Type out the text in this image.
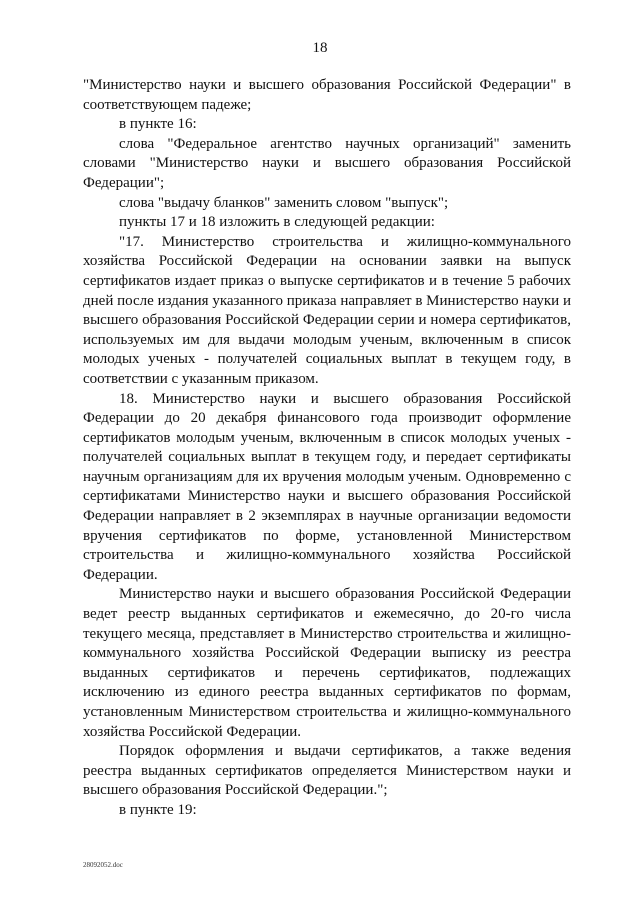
18

"Министерство науки и высшего образования Российской Федерации" в соответствующем падеже;

в пункте 16:

слова "Федеральное агентство научных организаций" заменить словами "Министерство науки и высшего образования Российской Федерации";

слова "выдачу бланков" заменить словом "выпуск";

пункты 17 и 18 изложить в следующей редакции:

"17. Министерство строительства и жилищно-коммунального хозяйства Российской Федерации на основании заявки на выпуск сертификатов издает приказ о выпуске сертификатов и в течение 5 рабочих дней после издания указанного приказа направляет в Министерство науки и высшего образования Российской Федерации серии и номера сертификатов, используемых им для выдачи молодым ученым, включенным в список молодых ученых - получателей социальных выплат в текущем году, в соответствии с указанным приказом.

18. Министерство науки и высшего образования Российской Федерации до 20 декабря финансового года производит оформление сертификатов молодым ученым, включенным в список молодых ученых - получателей социальных выплат в текущем году, и передает сертификаты научным организациям для их вручения молодым ученым. Одновременно с сертификатами Министерство науки и высшего образования Российской Федерации направляет в 2 экземплярах в научные организации ведомости вручения сертификатов по форме, установленной Министерством строительства и жилищно-коммунального хозяйства Российской Федерации.

Министерство науки и высшего образования Российской Федерации ведет реестр выданных сертификатов и ежемесячно, до 20-го числа текущего месяца, представляет в Министерство строительства и жилищно-коммунального хозяйства Российской Федерации выписку из реестра выданных сертификатов и перечень сертификатов, подлежащих исключению из единого реестра выданных сертификатов по формам, установленным Министерством строительства и жилищно-коммунального хозяйства Российской Федерации.

Порядок оформления и выдачи сертификатов, а также ведения реестра выданных сертификатов определяется Министерством науки и высшего образования Российской Федерации.";

в пункте 19:

28092052.doc
